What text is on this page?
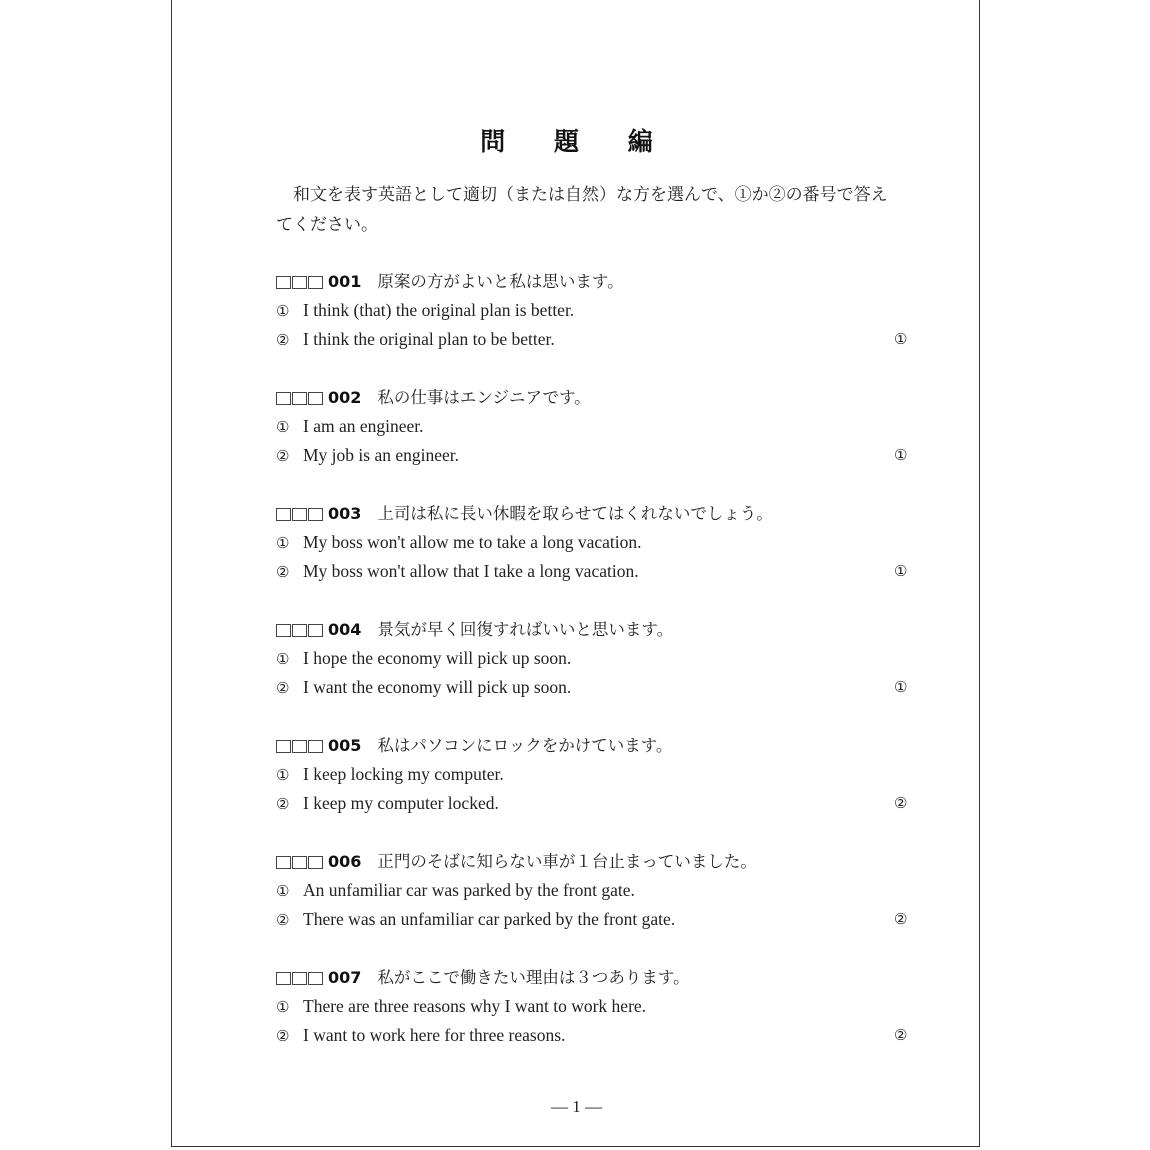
問 題 編
和文を表す英語として適切（または自然）な方を選んで、①か②の番号で答えてください。
001 原案の方がよいと私は思います。
① I think (that) the original plan is better.
② I think the original plan to be better.	①
002 私の仕事はエンジニアです。
① I am an engineer.
② My job is an engineer.	①
003 上司は私に長い休暇を取らせてはくれないでしょう。
① My boss won't allow me to take a long vacation.
② My boss won't allow that I take a long vacation.	①
004 景気が早く回復すればいいと思います。
① I hope the economy will pick up soon.
② I want the economy will pick up soon.	①
005 私はパソコンにロックをかけています。
① I keep locking my computer.
② I keep my computer locked.	②
006 正門のそばに知らない車が１台止まっていました。
① An unfamiliar car was parked by the front gate.
② There was an unfamiliar car parked by the front gate.	②
007 私がここで働きたい理由は３つあります。
① There are three reasons why I want to work here.
② I want to work here for three reasons.	②
— 1 —
